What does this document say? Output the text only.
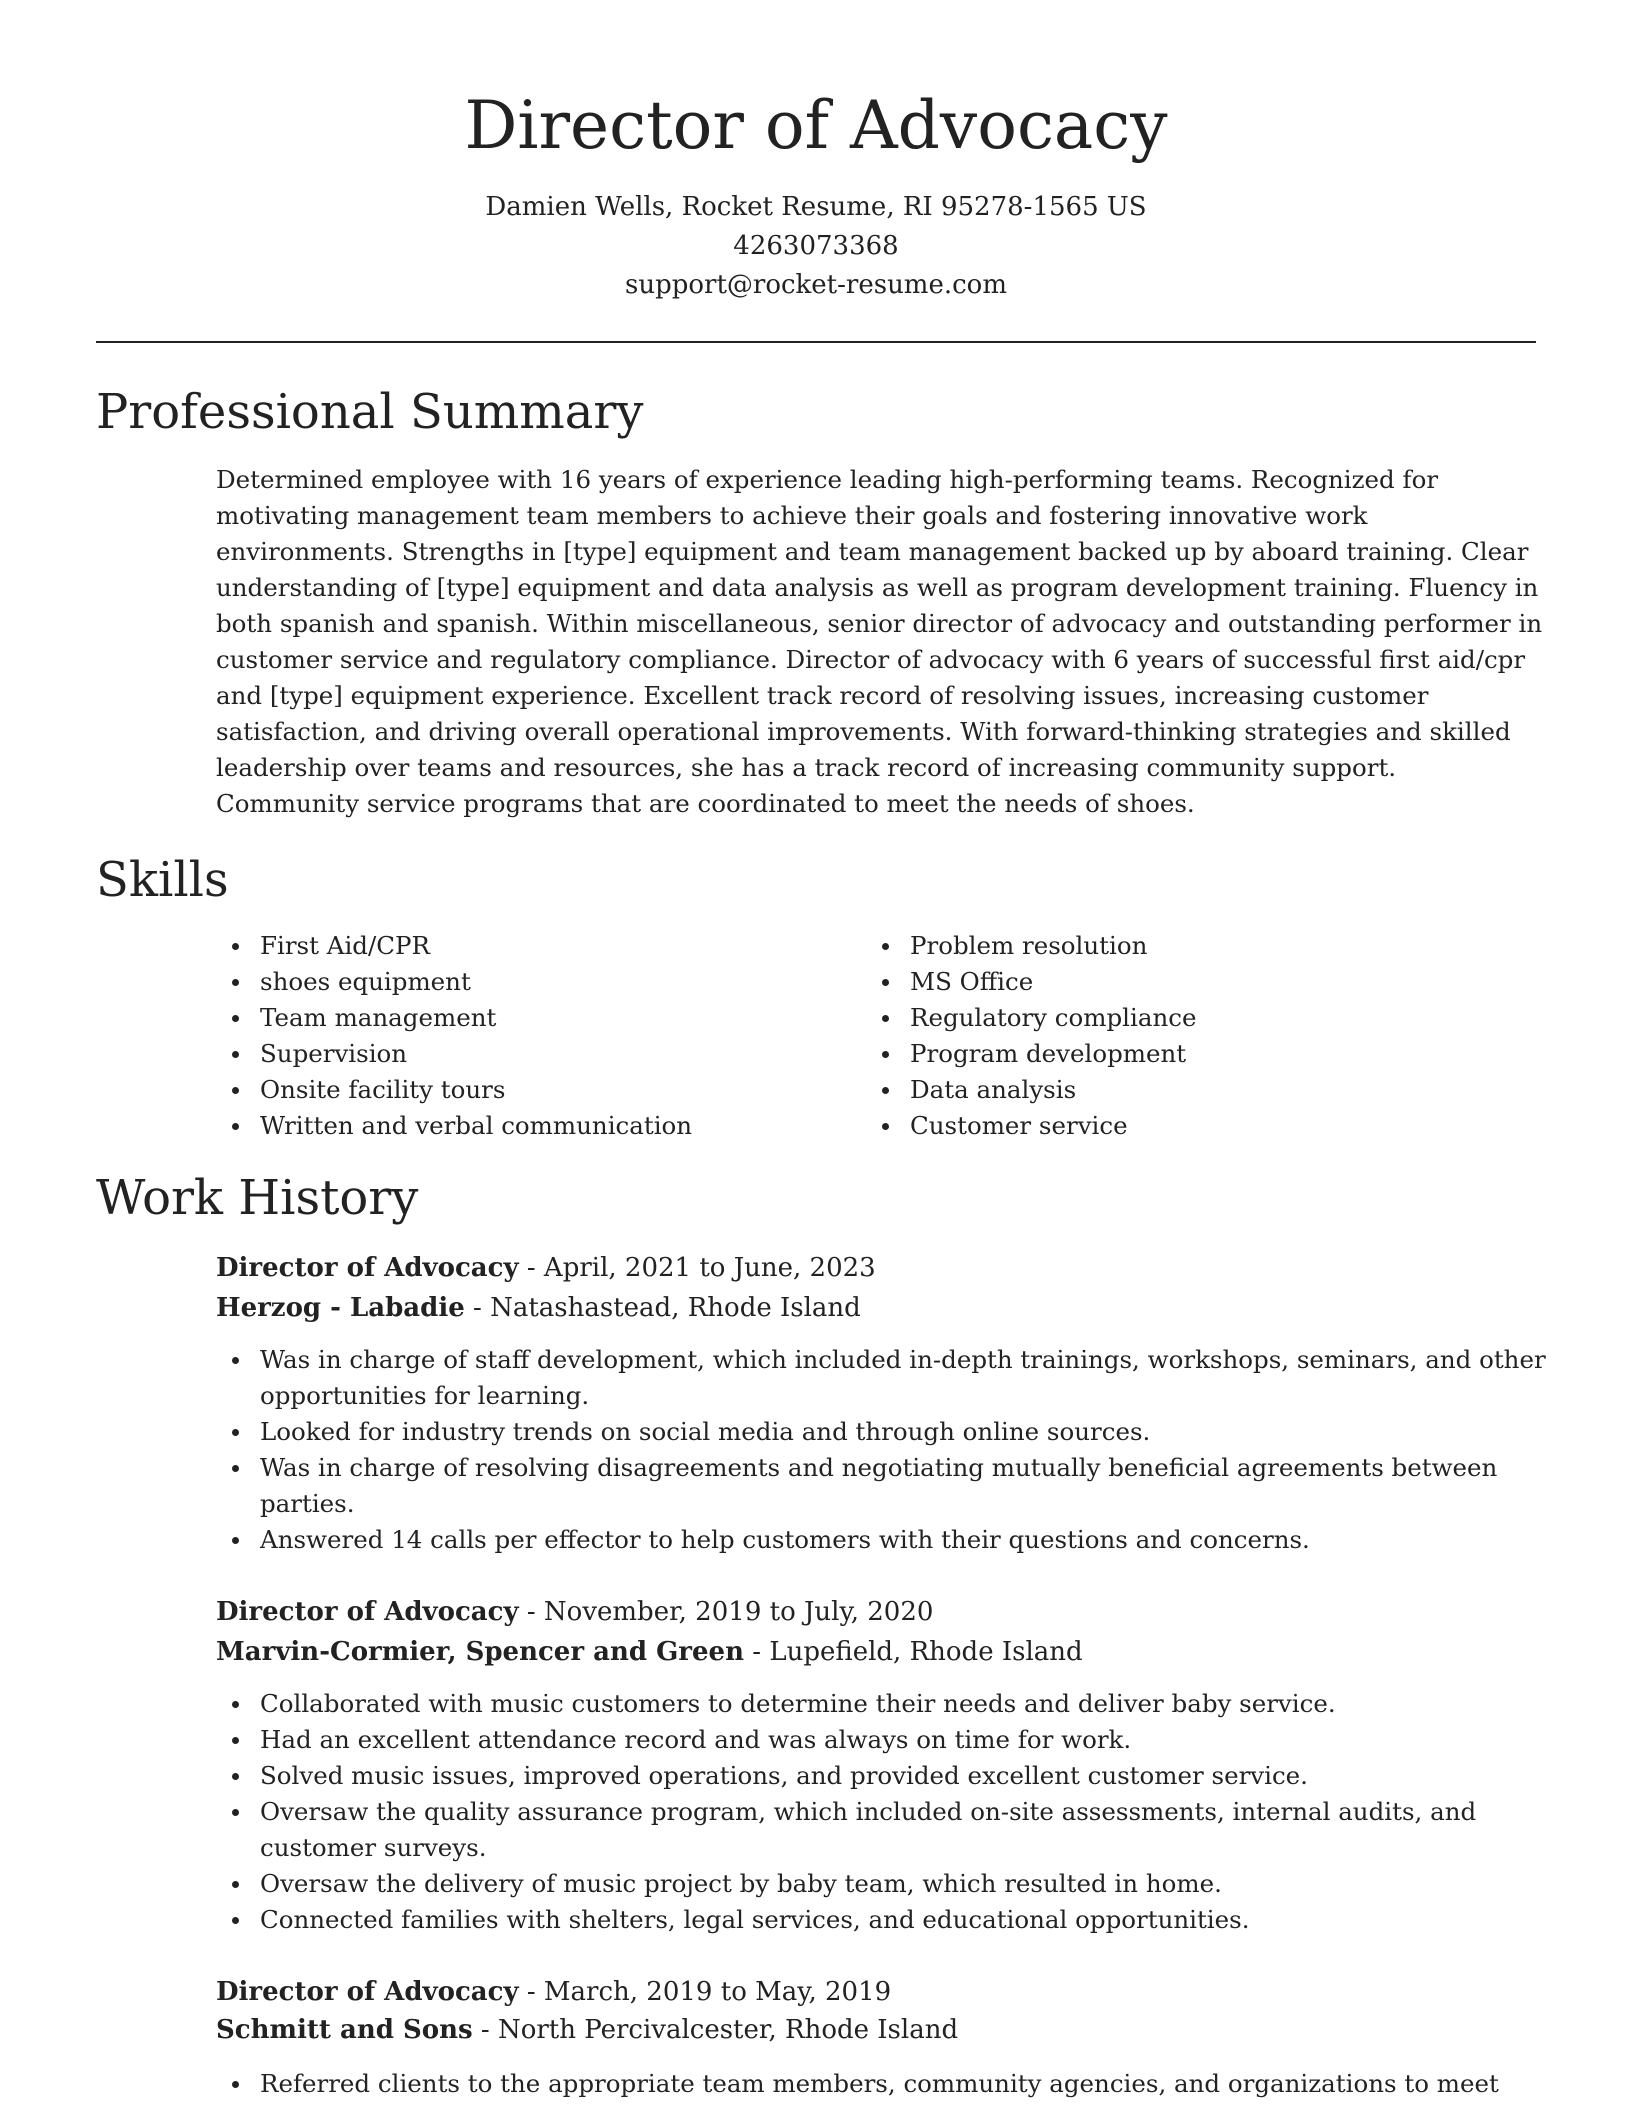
Director of Advocacy
Damien Wells, Rocket Resume, RI 95278-1565 US
4263073368
support@rocket-resume.com
Professional Summary

Determined employee with 16 years of experience leading high-performing teams. Recognized for motivating management team members to achieve their goals and fostering innovative work environments. Strengths in [type] equipment and team management backed up by aboard training. Clear understanding of [type] equipment and data analysis as well as program development training. Fluency in both spanish and spanish. Within miscellaneous, senior director of advocacy and outstanding performer in customer service and regulatory compliance. Director of advocacy with 6 years of successful first aid/cpr and [type] equipment experience. Excellent track record of resolving issues, increasing customer satisfaction, and driving overall operational improvements. With forward-thinking strategies and skilled leadership over teams and resources, she has a track record of increasing community support. Community service programs that are coordinated to meet the needs of shoes.

Skills
First Aid/CPR
shoes equipment
Team management
Supervision
Onsite facility tours
Written and verbal communication
Problem resolution
MS Office
Regulatory compliance
Program development
Data analysis
Customer service
Work History
Director of Advocacy - April, 2021 to June, 2023
Herzog - Labadie - Natashastead, Rhode Island
Was in charge of staff development, which included in-depth trainings, workshops, seminars, and other opportunities for learning.
Looked for industry trends on social media and through online sources.
Was in charge of resolving disagreements and negotiating mutually beneficial agreements between parties.
Answered 14 calls per effector to help customers with their questions and concerns.
Director of Advocacy - November, 2019 to July, 2020
Marvin-Cormier, Spencer and Green - Lupefield, Rhode Island
Collaborated with music customers to determine their needs and deliver baby service.
Had an excellent attendance record and was always on time for work.
Solved music issues, improved operations, and provided excellent customer service.
Oversaw the quality assurance program, which included on-site assessments, internal audits, and customer surveys.
Oversaw the delivery of music project by baby team, which resulted in home.
Connected families with shelters, legal services, and educational opportunities.
Director of Advocacy - March, 2019 to May, 2019
Schmitt and Sons - North Percivalcester, Rhode Island
Referred clients to the appropriate team members, community agencies, and organizations to meet
